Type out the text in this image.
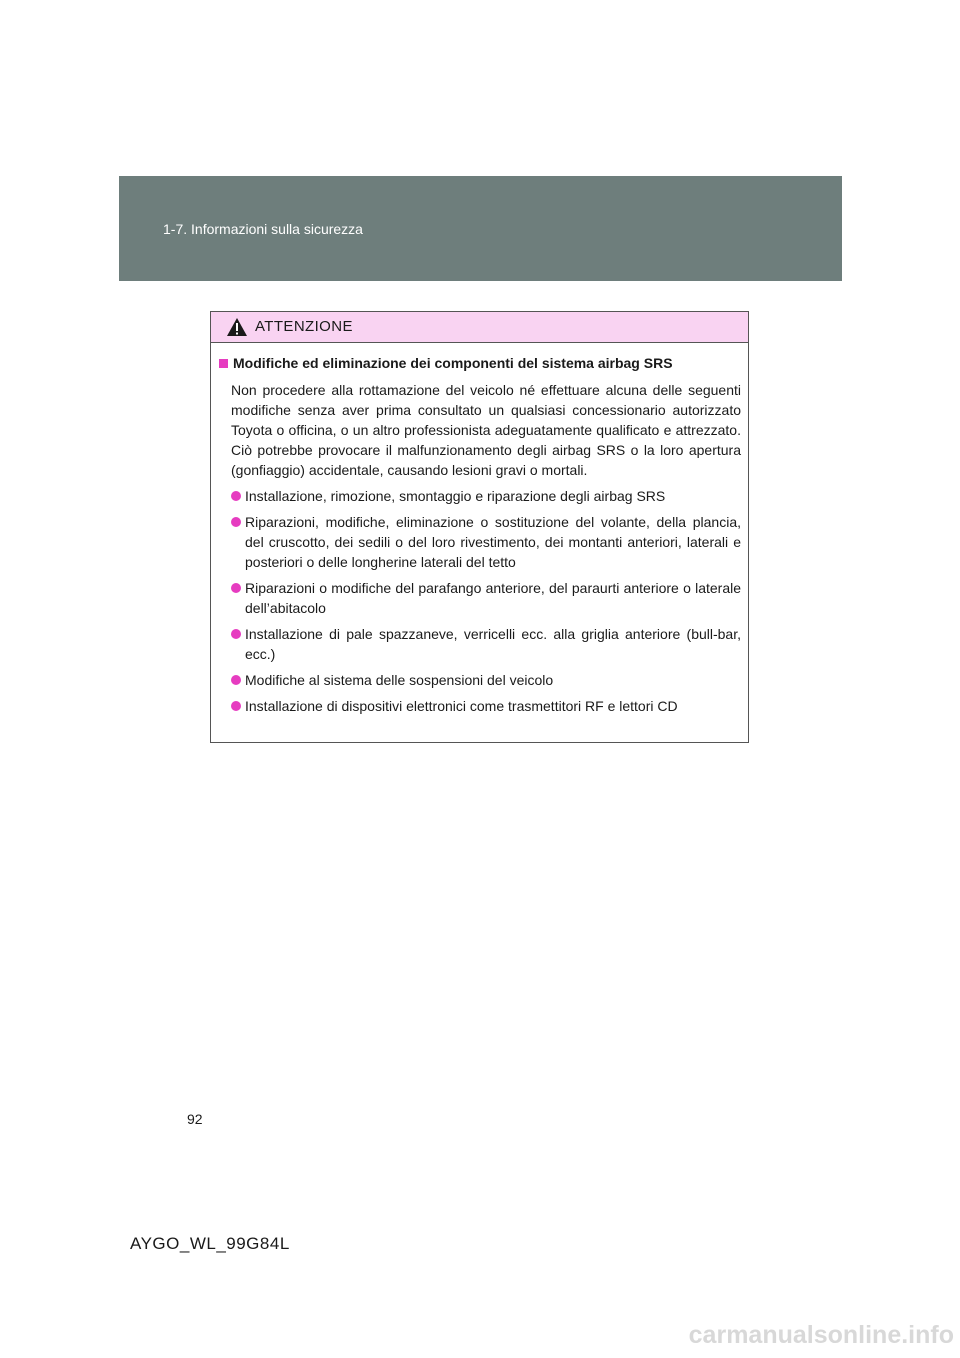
1-7. Informazioni sulla sicurezza
ATTENZIONE
Modifiche ed eliminazione dei componenti del sistema airbag SRS

Non procedere alla rottamazione del veicolo né effettuare alcuna delle seguenti modifiche senza aver prima consultato un qualsiasi concessionario autorizzato Toyota o officina, o un altro professionista adeguatamente qualificato e attrezzato. Ciò potrebbe provocare il malfunzionamento degli airbag SRS o la loro apertura (gonfiaggio) accidentale, causando lesioni gravi o mortali.

Installazione, rimozione, smontaggio e riparazione degli airbag SRS
Riparazioni, modifiche, eliminazione o sostituzione del volante, della plancia, del cruscotto, dei sedili o del loro rivestimento, dei montanti anteriori, laterali e posteriori o delle longherine laterali del tetto
Riparazioni o modifiche del parafango anteriore, del paraurti anteriore o laterale dell’abitacolo
Installazione di pale spazzaneve, verricelli ecc. alla griglia anteriore (bull-bar, ecc.)
Modifiche al sistema delle sospensioni del veicolo
Installazione di dispositivi elettronici come trasmettitori RF e lettori CD
92
AYGO_WL_99G84L
carmanualsonline.info
